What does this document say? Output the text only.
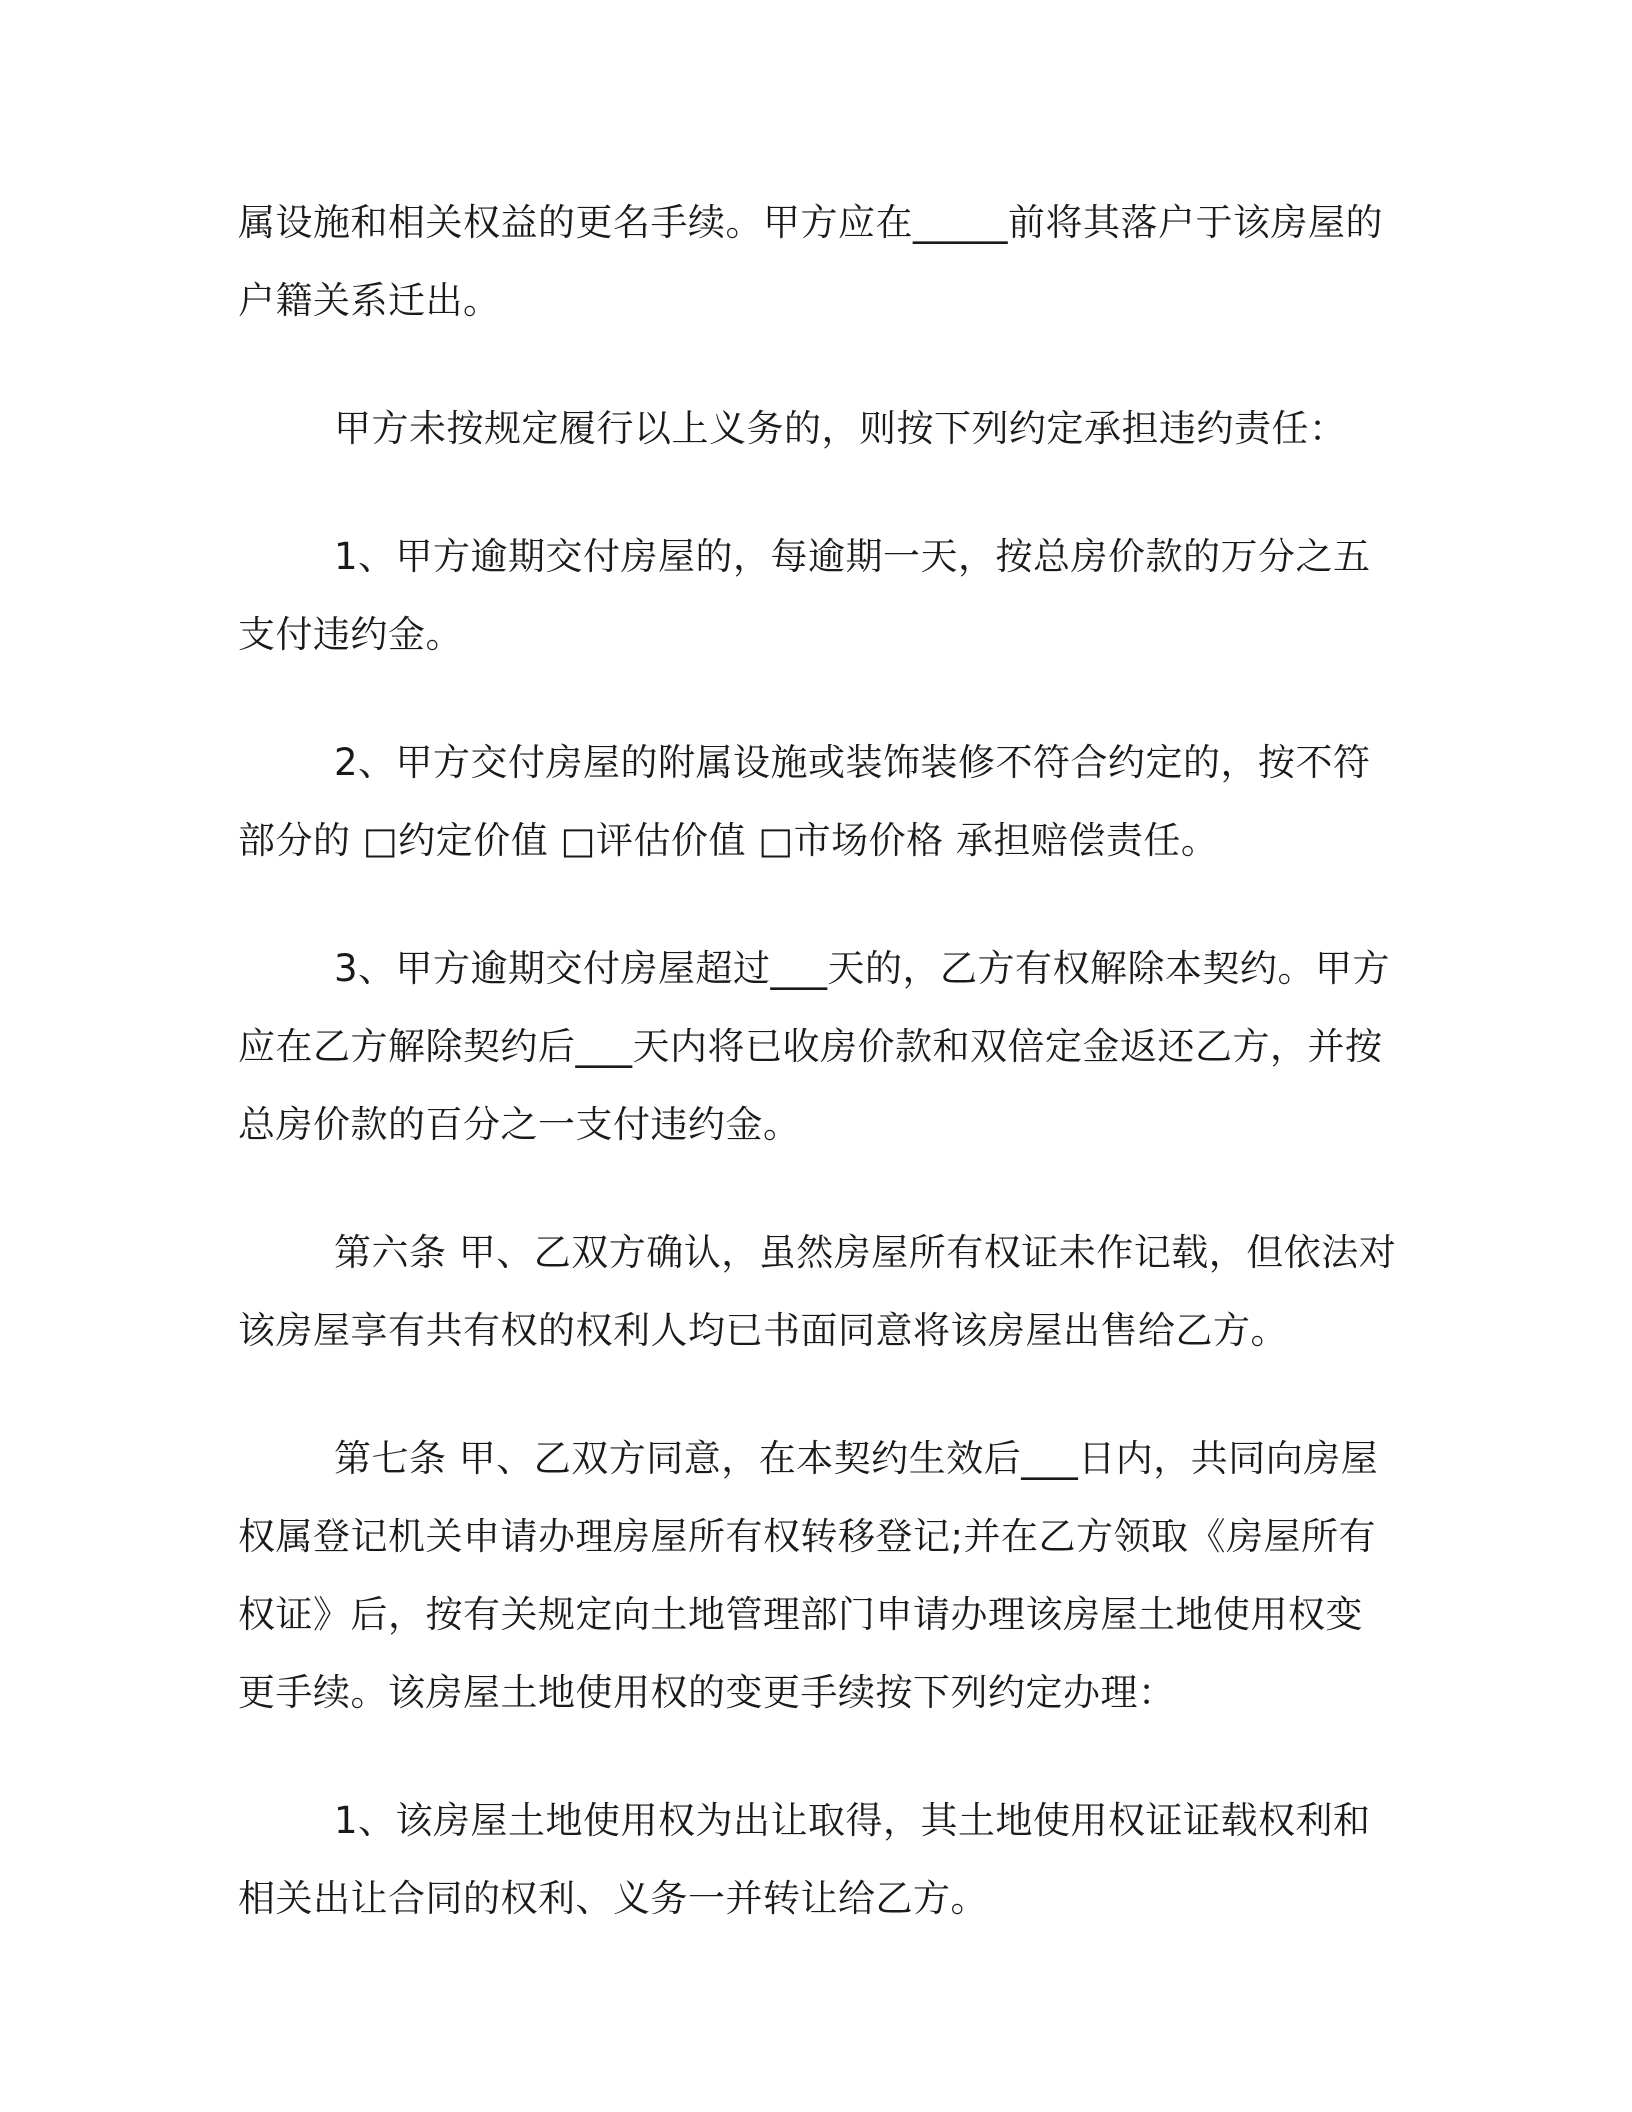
属设施和相关权益的更名手续。甲方应在_____前将其落户于该房屋的
户籍关系迁出。

甲方未按规定履行以上义务的，则按下列约定承担违约责任：

1、甲方逾期交付房屋的，每逾期一天，按总房价款的万分之五
支付违约金。

2、甲方交付房屋的附属设施或装饰装修不符合约定的，按不符
部分的 □约定价值 □评估价值 □市场价格 承担赔偿责任。

3、甲方逾期交付房屋超过___天的，乙方有权解除本契约。甲方
应在乙方解除契约后___天内将已收房价款和双倍定金返还乙方，并按
总房价款的百分之一支付违约金。

第六条 甲、乙双方确认，虽然房屋所有权证未作记载，但依法对
该房屋享有共有权的权利人均已书面同意将该房屋出售给乙方。

第七条 甲、乙双方同意，在本契约生效后___日内，共同向房屋
权属登记机关申请办理房屋所有权转移登记;并在乙方领取《房屋所有
权证》后，按有关规定向土地管理部门申请办理该房屋土地使用权变
更手续。该房屋土地使用权的变更手续按下列约定办理：

1、该房屋土地使用权为出让取得，其土地使用权证证载权利和
相关出让合同的权利、义务一并转让给乙方。
